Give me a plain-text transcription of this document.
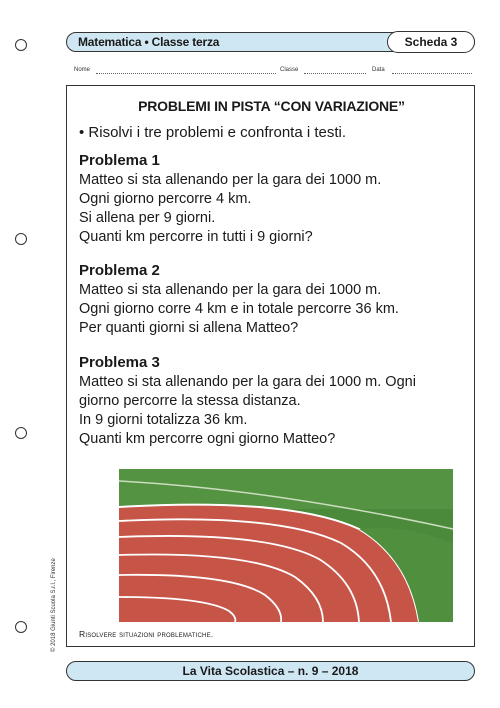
Matematica • Classe terza	Scheda 3
Nome	Classe	Data
PROBLEMI IN PISTA “CON VARIAZIONE”
• Risolvi i tre problemi e confronta i testi.
Problema 1
Matteo si sta allenando per la gara dei 1000 m.
Ogni giorno percorre 4 km.
Si allena per 9 giorni.
Quanti km percorre in tutti i 9 giorni?
Problema 2
Matteo si sta allenando per la gara dei 1000 m.
Ogni giorno corre 4 km e in totale percorre 36 km.
Per quanti giorni si allena Matteo?
Problema 3
Matteo si sta allenando per la gara dei 1000 m. Ogni
giorno percorre la stessa distanza.
In 9 giorni totalizza 36 km.
Quanti km percorre ogni giorno Matteo?
Risolvere situazioni problematiche.
© 2018 Giunti Scuola S.r.l., Firenze
La Vita Scolastica – n. 9 – 2018
